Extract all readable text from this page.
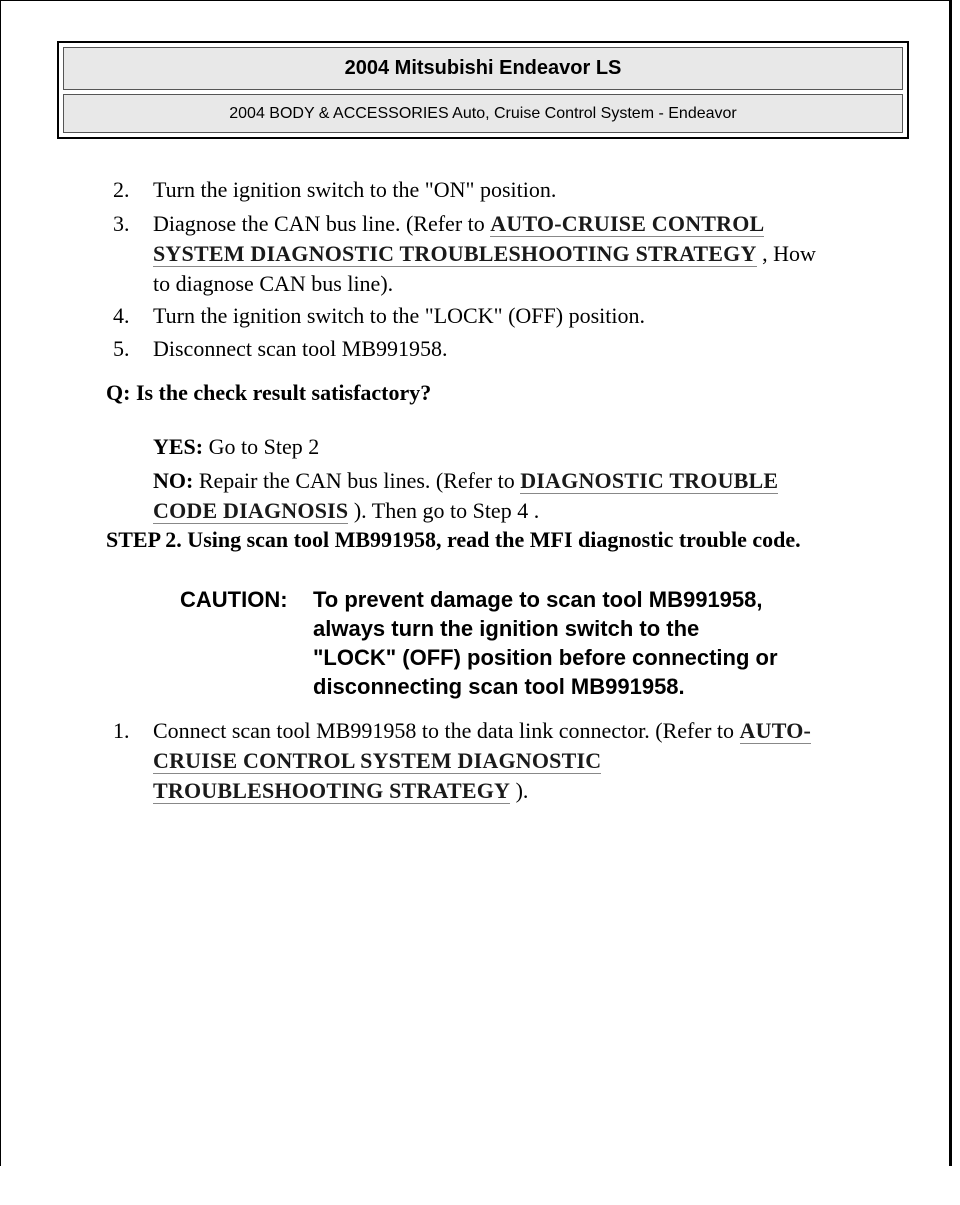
2004 Mitsubishi Endeavor LS
2004 BODY & ACCESSORIES Auto, Cruise Control System - Endeavor
2.	Turn the ignition switch to the "ON" position.
3.	Diagnose the CAN bus line. (Refer to AUTO-CRUISE CONTROL
SYSTEM DIAGNOSTIC TROUBLESHOOTING STRATEGY , How
to diagnose CAN bus line).
4.	Turn the ignition switch to the "LOCK" (OFF) position.
5.	Disconnect scan tool MB991958.
Q: Is the check result satisfactory?
YES: Go to Step 2
NO: Repair the CAN bus lines. (Refer to DIAGNOSTIC TROUBLE
CODE DIAGNOSIS ). Then go to Step 4 .
STEP 2. Using scan tool MB991958, read the MFI diagnostic trouble code.
CAUTION: To prevent damage to scan tool MB991958,
always turn the ignition switch to the
"LOCK" (OFF) position before connecting or
disconnecting scan tool MB991958.
1.	Connect scan tool MB991958 to the data link connector. (Refer to AUTO-
CRUISE CONTROL SYSTEM DIAGNOSTIC
TROUBLESHOOTING STRATEGY ).
